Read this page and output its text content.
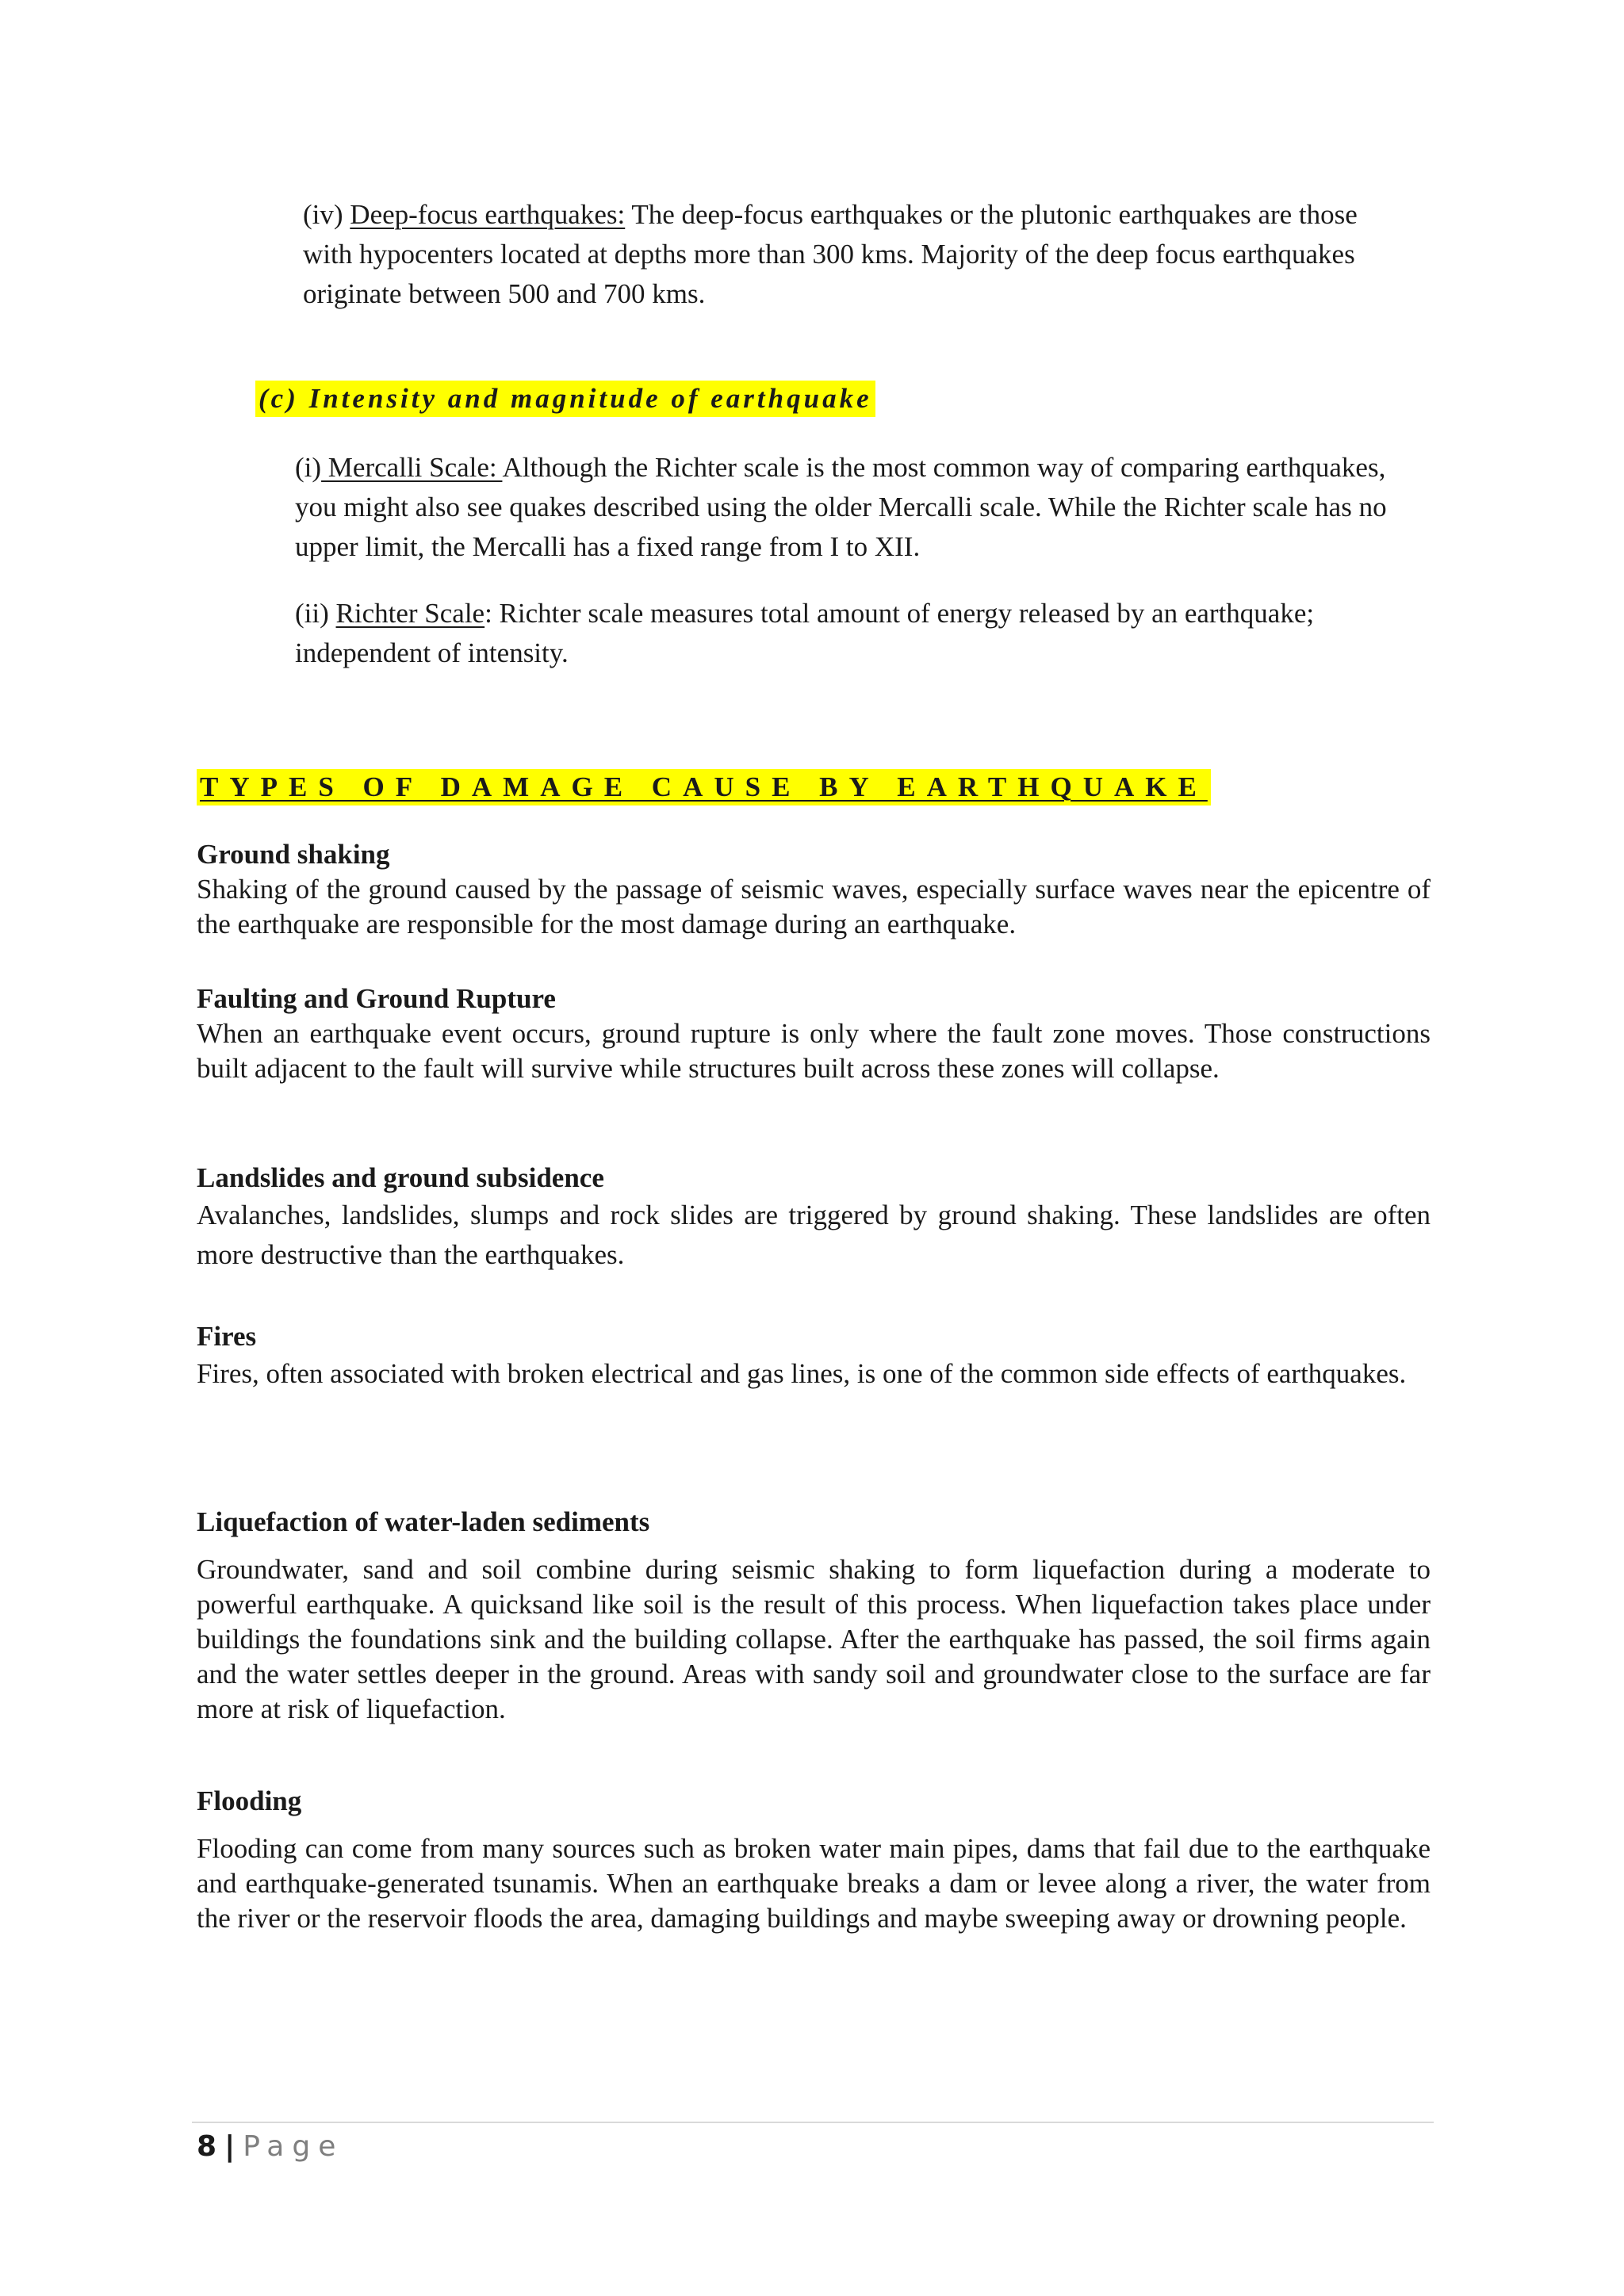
(iv) Deep-focus earthquakes: The deep-focus earthquakes or the plutonic earthquakes are those with hypocenters located at depths more than 300 kms. Majority of the deep focus earthquakes originate between 500 and 700 kms.

(c) Intensity and magnitude of earthquake

(i) Mercalli Scale: Although the Richter scale is the most common way of comparing earthquakes, you might also see quakes described using the older Mercalli scale. While the Richter scale has no upper limit, the Mercalli has a fixed range from I to XII.

(ii) Richter Scale: Richter scale measures total amount of energy released by an earthquake; independent of intensity.

TYPES OF DAMAGE CAUSE BY EARTHQUAKE
Ground shaking

Shaking of the ground caused by the passage of seismic waves, especially surface waves near the epicentre of the earthquake are responsible for the most damage during an earthquake.

Faulting and Ground Rupture

When an earthquake event occurs, ground rupture is only where the fault zone moves. Those constructions built adjacent to the fault will survive while structures built across these zones will collapse.

Landslides and ground subsidence

Avalanches, landslides, slumps and rock slides are triggered by ground shaking. These landslides are often more destructive than the earthquakes.

Fires

Fires, often associated with broken electrical and gas lines, is one of the common side effects of earthquakes.

Liquefaction of water-laden sediments

Groundwater, sand and soil combine during seismic shaking to form liquefaction during a moderate to powerful earthquake. A quicksand like soil is the result of this process. When liquefaction takes place under buildings the foundations sink and the building collapse. After the earthquake has passed, the soil firms again and the water settles deeper in the ground. Areas with sandy soil and groundwater close to the surface are far more at risk of liquefaction.

Flooding

Flooding can come from many sources such as broken water main pipes, dams that fail due to the earthquake and earthquake-generated tsunamis. When an earthquake breaks a dam or levee along a river, the water from the river or the reservoir floods the area, damaging buildings and maybe sweeping away or drowning people.

8 | Page
